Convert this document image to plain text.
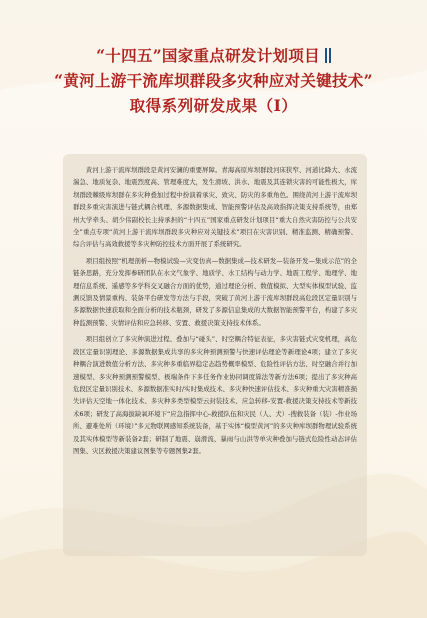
“十四五”国家重点研发计划项目
“黄河上游干流库坝群段多灾种应对关键技术”
取得系列研发成果（Ⅰ）

黄河上游干流库坝群段是黄河安澜的重要屏障。青海高原库坝群段河床狭窄、河道比降大、水流湍急、地质复杂、地震烈度高、管理难度大，发生滑坡、洪水、地震及其连锁灾害的可能性极大，库坝群段棘级库坝群在多灾种叠加过程中扮演着承灾、致灾、防灾的多重角色。围绕黄河上游干流库坝群段多重灾害演进与链式耦合机理、多源数据集成、智能预警评估及高效指挥决策支持系统等，由郑州大学牵头、胡少伟副校长主持承担的“十四五”国家重点研发计划项目“重大自然灾害防控与公共安全”重点专项“黄河上游干流库坝群段多灾种应对关键技术”项目在灾害识别、精准监测、精确预警、综合评估与高效救援等多灾种防控技术方面开展了系统研究。

项目组按照“机理剖析—物模试验—灾变仿真—数据集成—技术研发—装备开发—集成示范”的全链条思路，充分发挥参研团队在水文气象学、地质学、水工结构与动力学、地震工程学、地理学、地理信息系统、遥感等多学科交叉融合方面的优势，通过理论分析、数值模拟、大型实体模型试验、监测反馈及情景重构、装备平台研发等方法与手段，突破了黄河上游干流库坝群段高危段区定量识别与多源数据快速获取和全面分析的技术瓶颈，研发了多源信息集成的大数据智能预警平台，构建了多灾种监测预警、灾情评估和应急转移、安置、救援决策支持技术体系。

项目组创立了多灾种演进过程、叠加与“碰头”、时空耦合特征表征，多灾害链式灾变机理，高危段区定量识别理论、多源数据集成共享的多灾种预测预警与快速评估理论等新理论4项；建立了多灾种耦合演进数值分析方法、多灾种多重临界稳定态趋势概率模型、危险性评估方法、时空融合并行加速模型、多灾种预测预警模型、极端条件下多任务作业协同调度算法等新方法6项；提出了多灾种高危段区定量识别技术、多源数据准实时/实时集成技术、多灾种快速评估技术、多灾种重大灾害精准损失评估天空地一体化技术、多灾种多类型模型云封装技术、应急转移-安置-救援决策支持技术等新技术6项；研发了高海拔缺氧环境下“应急指挥中心-救援队伍和灾民（人、犬）-搜救装备（装）-作业场所、避难处所（环境）”多元物联网感知系统装备，基于实体“模型黄河”的多灾种库坝群物理试验系统及其实体模型等新装备2套；研制了地震、崩滑流、暴雨与山洪等单灾种叠加与链式危险性动态评估图集、灾区救援决策建议图集等专题图集2套。
